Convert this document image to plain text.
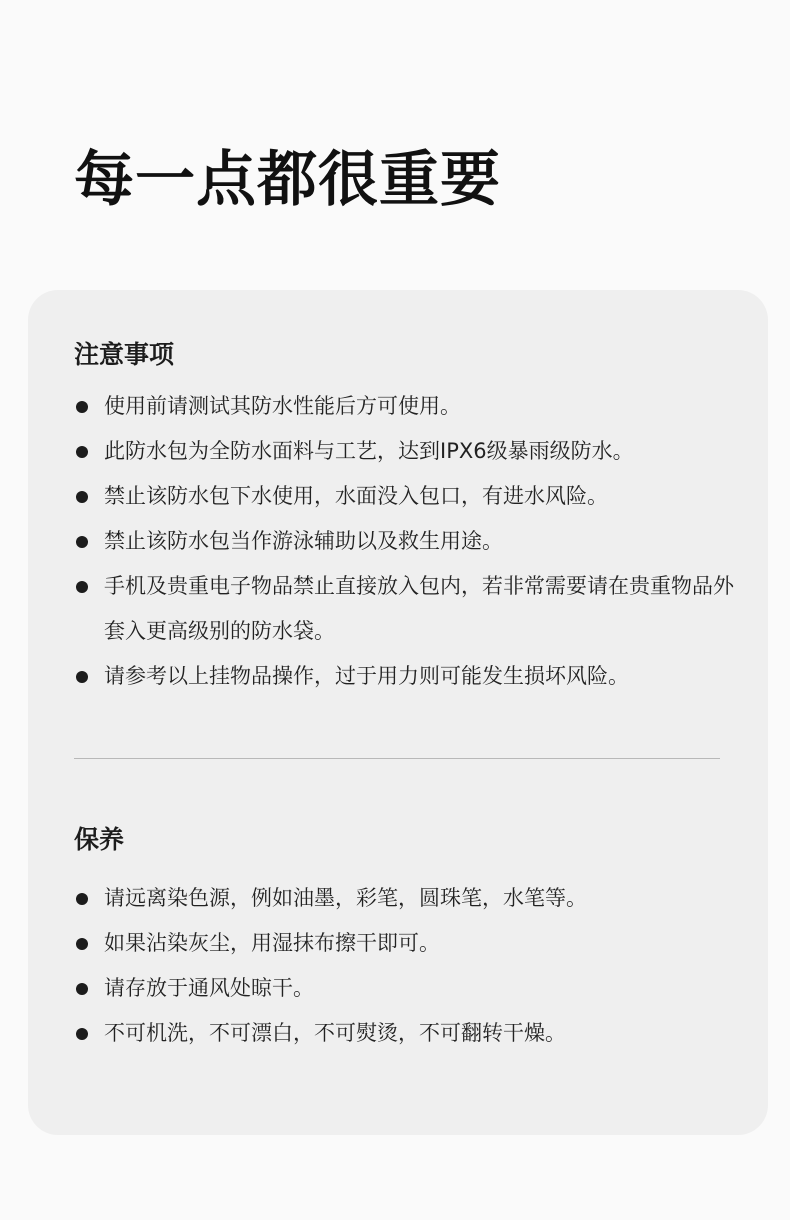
每一点都很重要
注意事项
使用前请测试其防水性能后方可使用。
此防水包为全防水面料与工艺，达到IPX6级暴雨级防水。
禁止该防水包下水使用，水面没入包口，有进水风险。
禁止该防水包当作游泳辅助以及救生用途。
手机及贵重电子物品禁止直接放入包内，若非常需要请在贵重物品外套入更高级别的防水袋。
请参考以上挂物品操作，过于用力则可能发生损坏风险。
保养
请远离染色源，例如油墨，彩笔，圆珠笔，水笔等。
如果沾染灰尘，用湿抹布擦干即可。
请存放于通风处晾干。
不可机洗，不可漂白，不可熨烫，不可翻转干燥。
